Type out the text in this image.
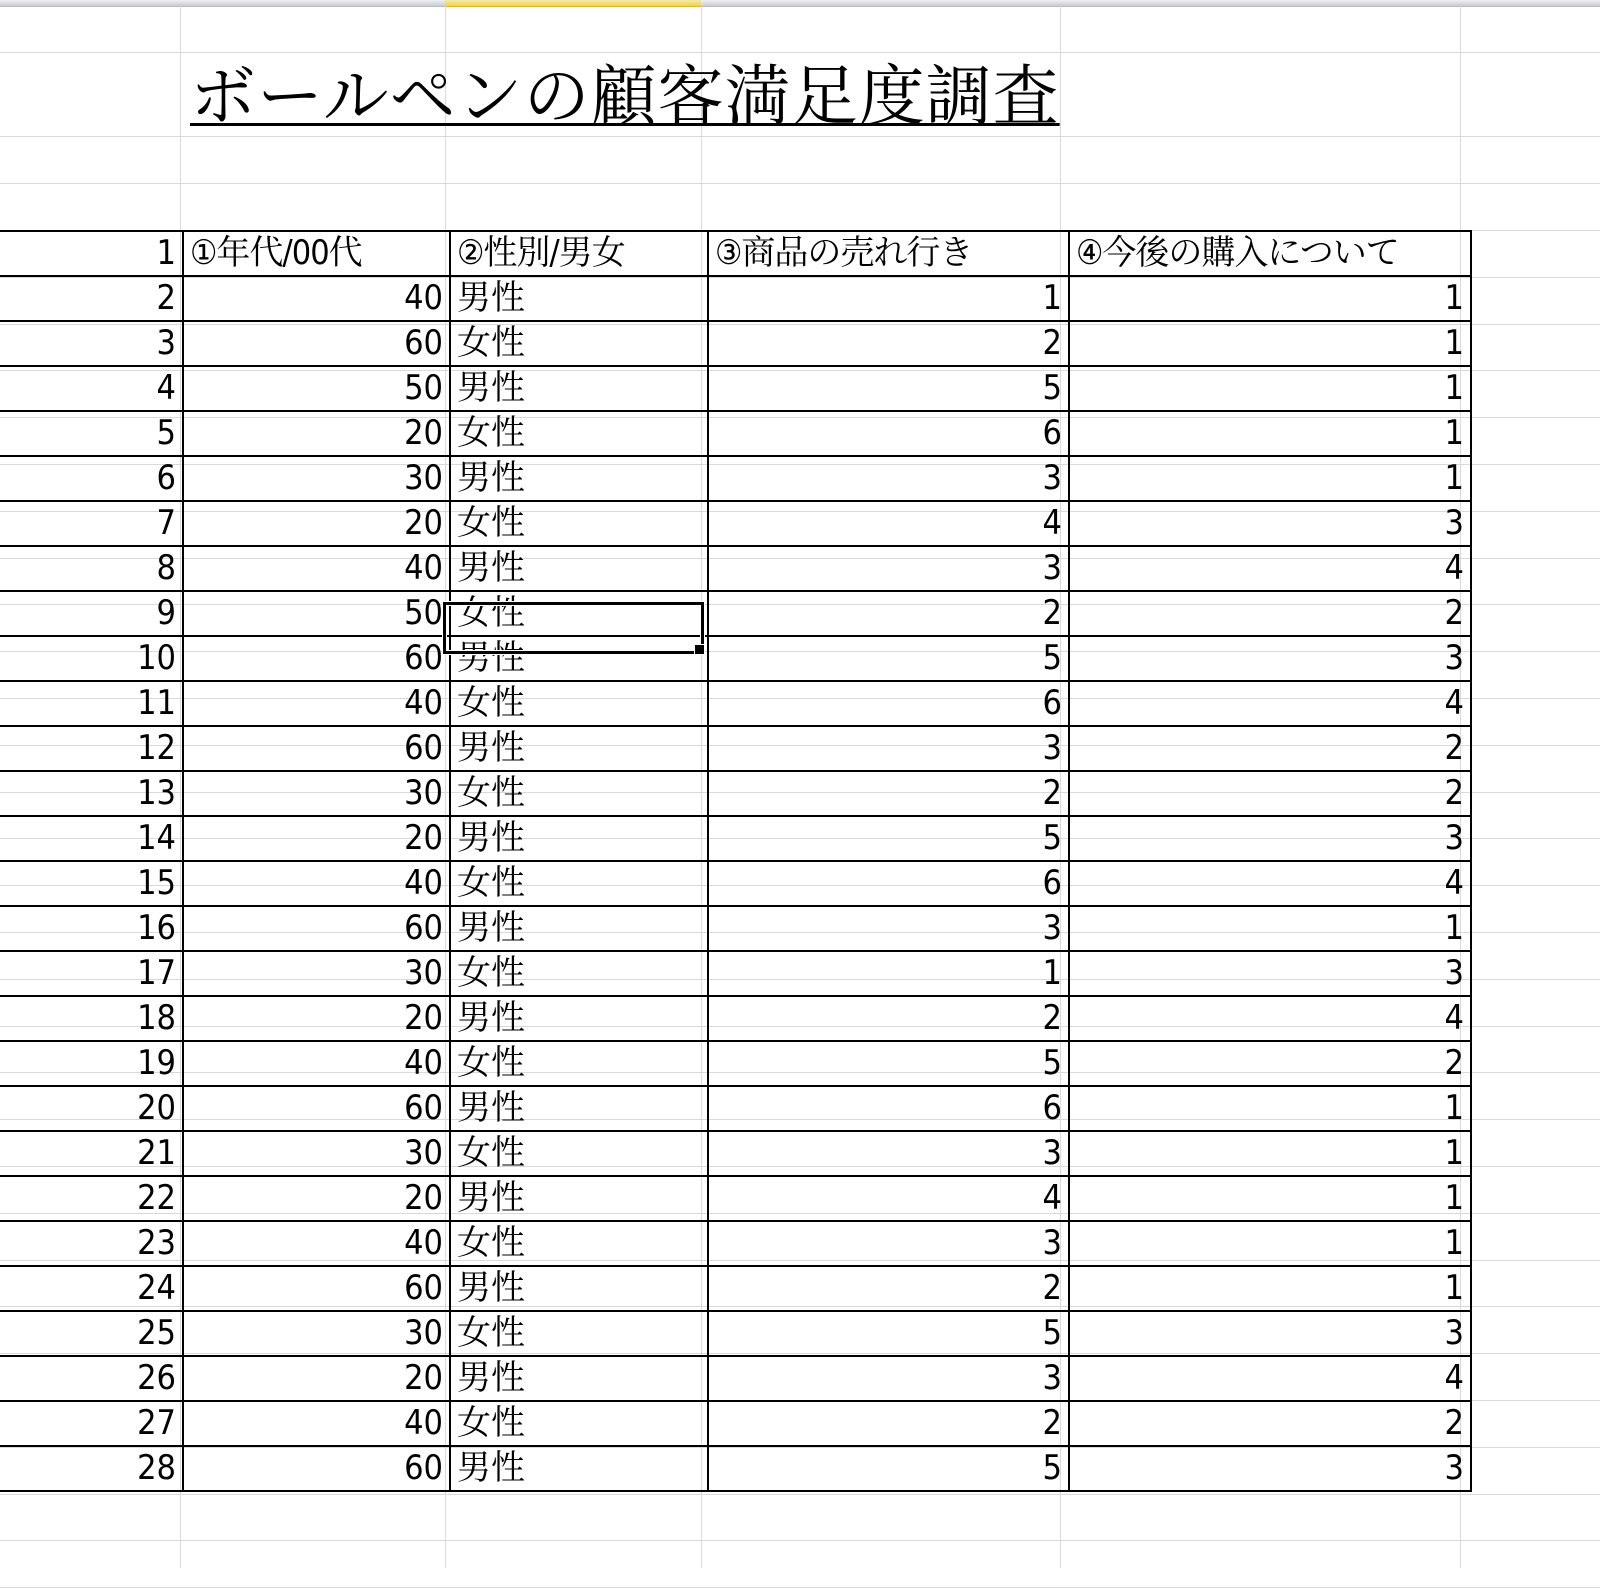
ボールペンの顧客満足度調査
1	①年代/00代	②性別/男女	③商品の売れ行き	④今後の購入について
2	40	男性	1	1
3	60	女性	2	1
4	50	男性	5	1
5	20	女性	6	1
6	30	男性	3	1
7	20	女性	4	3
8	40	男性	3	4
9	50	女性	2	2
10	60	男性	5	3
11	40	女性	6	4
12	60	男性	3	2
13	30	女性	2	2
14	20	男性	5	3
15	40	女性	6	4
16	60	男性	3	1
17	30	女性	1	3
18	20	男性	2	4
19	40	女性	5	2
20	60	男性	6	1
21	30	女性	3	1
22	20	男性	4	1
23	40	女性	3	1
24	60	男性	2	1
25	30	女性	5	3
26	20	男性	3	4
27	40	女性	2	2
28	60	男性	5	3
